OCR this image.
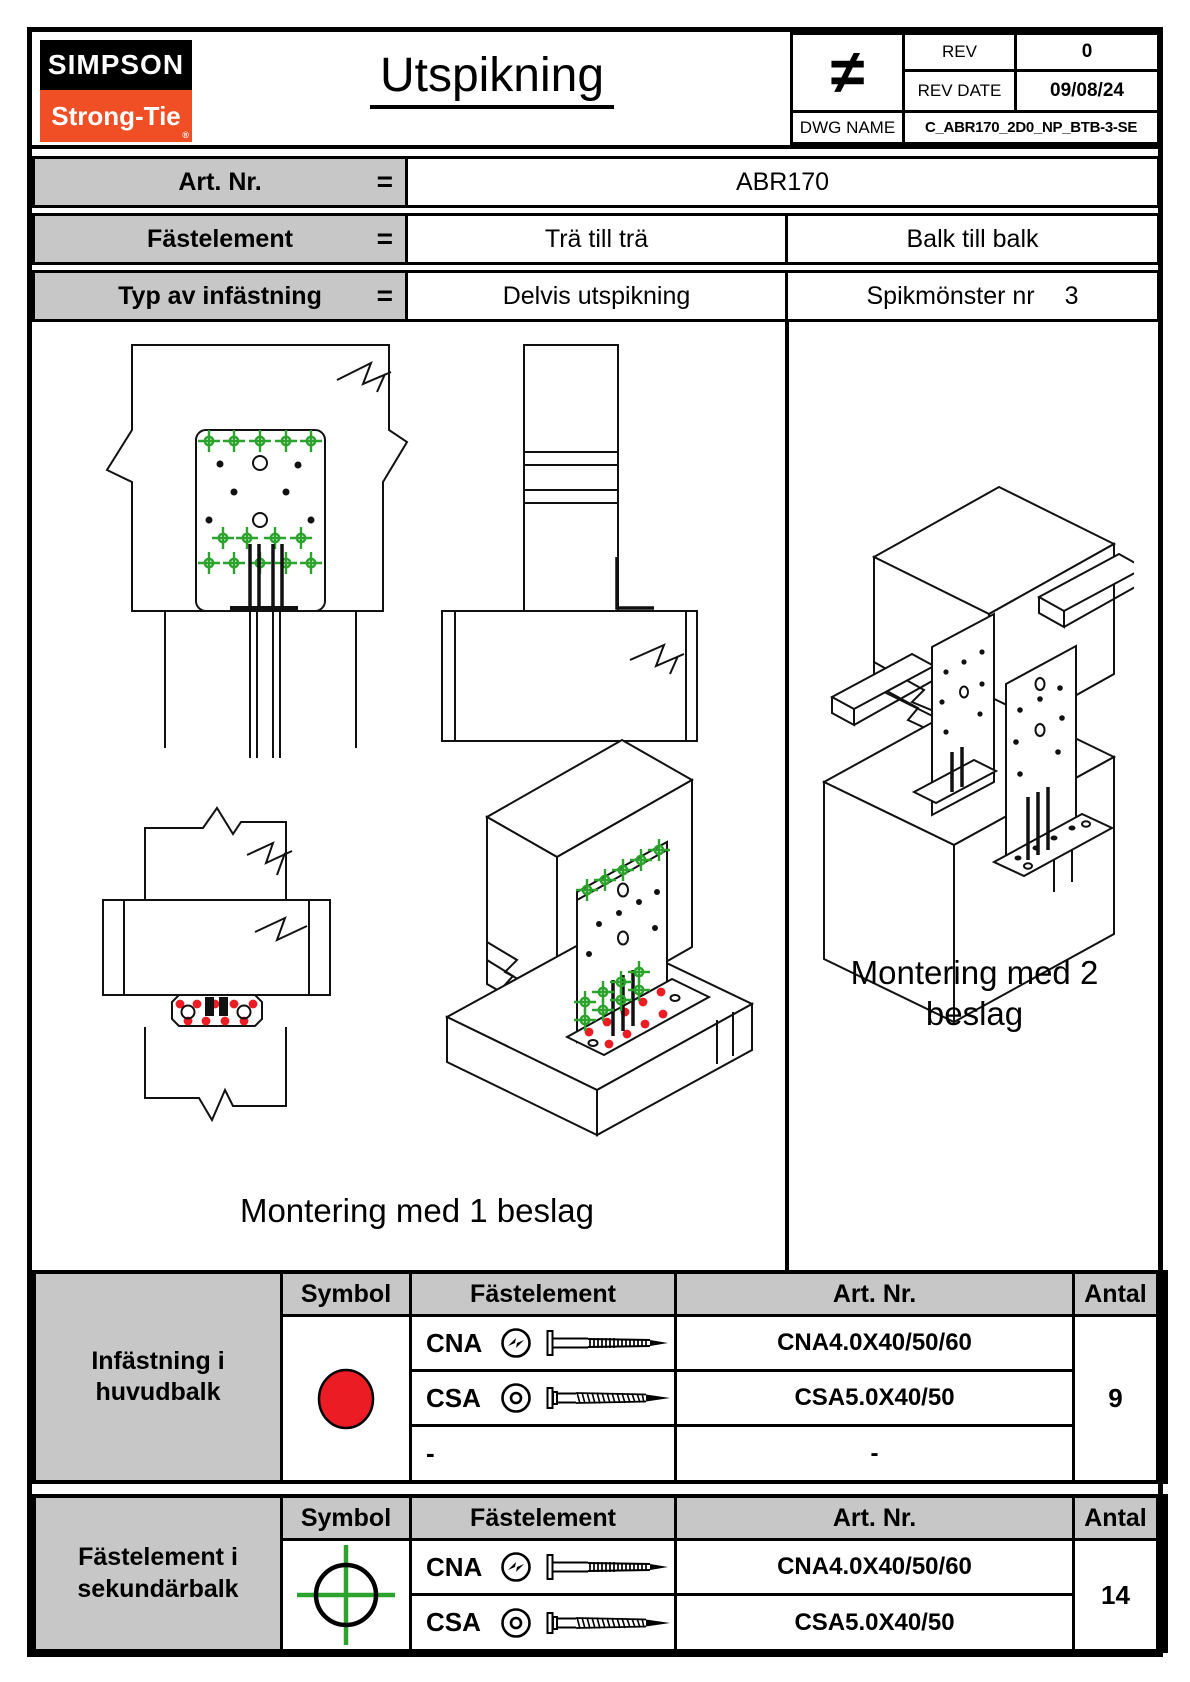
SIMPSON
Strong-Tie
®
Utspikning	≠	REV	0
REV DATE	09/08/24
DWG NAME	C_ABR170_2D0_NP_BTB-3-SE
Art. Nr.	=	ABR170
Fästelement	=	Trä till trä	Balk till balk
Typ av infästning =	Delvis utspikning	Spikmönster nr 3
Montering med 1 beslag
Montering med 2
beslag
Infästning i huvudbalk
Symbol	Fästelement	Art. Nr.	Antal
CNA	CNA4.0X40/50/60
CSA	CSA5.0X40/50
-	-
9
Fästelement i sekundärbalk
Symbol	Fästelement	Art. Nr.	Antal
CNA	CNA4.0X40/50/60
CSA	CSA5.0X40/50
14
